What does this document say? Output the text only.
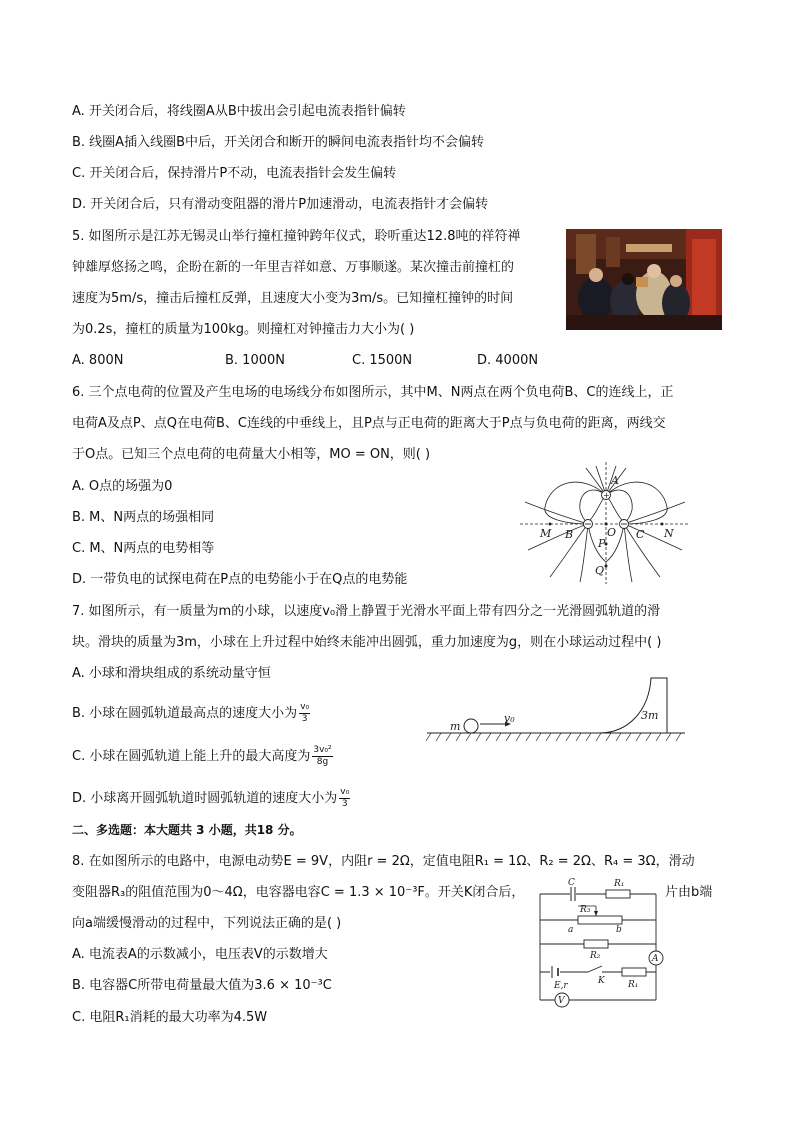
A. 开关闭合后，将线圈A从B中拔出会引起电流表指针偏转
B. 线圈A插入线圈B中后，开关闭合和断开的瞬间电流表指针均不会偏转
C. 开关闭合后，保持滑片P不动，电流表指针会发生偏转
D. 开关闭合后，只有滑动变阻器的滑片P加速滑动，电流表指针才会偏转
5. 如图所示是江苏无锡灵山举行撞杠撞钟跨年仪式，聆听重达12.8吨的祥符禅
钟雄厚悠扬之鸣，企盼在新的一年里吉祥如意、万事顺遂。某次撞击前撞杠的
速度为5m/s，撞击后撞杠反弹，且速度大小变为3m/s。已知撞杠撞钟的时间
为0.2s，撞杠的质量为100kg。则撞杠对钟撞击力大小为( )
A. 800N	B. 1000N	C. 1500N	D. 4000N
6. 三个点电荷的位置及产生电场的电场线分布如图所示，其中M、N两点在两个负电荷B、C的连线上，正
电荷A及点P、点Q在电荷B、C连线的中垂线上，且P点与正电荷的距离大于P点与负电荷的距离，两线交
于O点。已知三个点电荷的电荷量大小相等，MO = ON，则( )
A. O点的场强为0
B. M、N两点的场强相同
C. M、N两点的电势相等
D. 一带负电的试探电荷在P点的电势能小于在Q点的电势能
+
A
M B	O C N
P
Q
7. 如图所示，有一质量为m的小球，以速度v₀滑上静置于光滑水平面上带有四分之一光滑圆弧轨道的滑
块。滑块的质量为3m，小球在上升过程中始终未能冲出圆弧，重力加速度为g，则在小球运动过程中( )
A. 小球和滑块组成的系统动量守恒
B. 小球在圆弧轨道最高点的速度大小为 $\frac{\text{v₀}}{3}$
C. 小球在圆弧轨道上能上升的最大高度为 $\frac{\text{3v₀²}}{8g}$
D. 小球离开圆弧轨道时圆弧轨道的速度大小为 $\frac{\text{v₀}}{3}$
m
v₀	3m
二、多选题：本大题共 3 小题，共18 分。
8. 在如图所示的电路中，电源电动势E = 9V，内阻r = 2Ω，定值电阻R₁ = 1Ω、R₂ = 2Ω、R₄ = 3Ω，滑动
变阻器R₃的阻值范围为0～4Ω，电容器电容C = 1.3 × 10⁻³F。开关K闭合后，	片由b端
向a端缓慢滑动的过程中，下列说法正确的是( )
A. 电流表A的示数减小，电压表V的示数增大
B. 电容器C所带电荷量最大值为3.6 × 10⁻³C
C. 电阻R₁消耗的最大功率为4.5W
C	R₁
R₃
a	b
R₂	A
E,r	K	R₁
V
